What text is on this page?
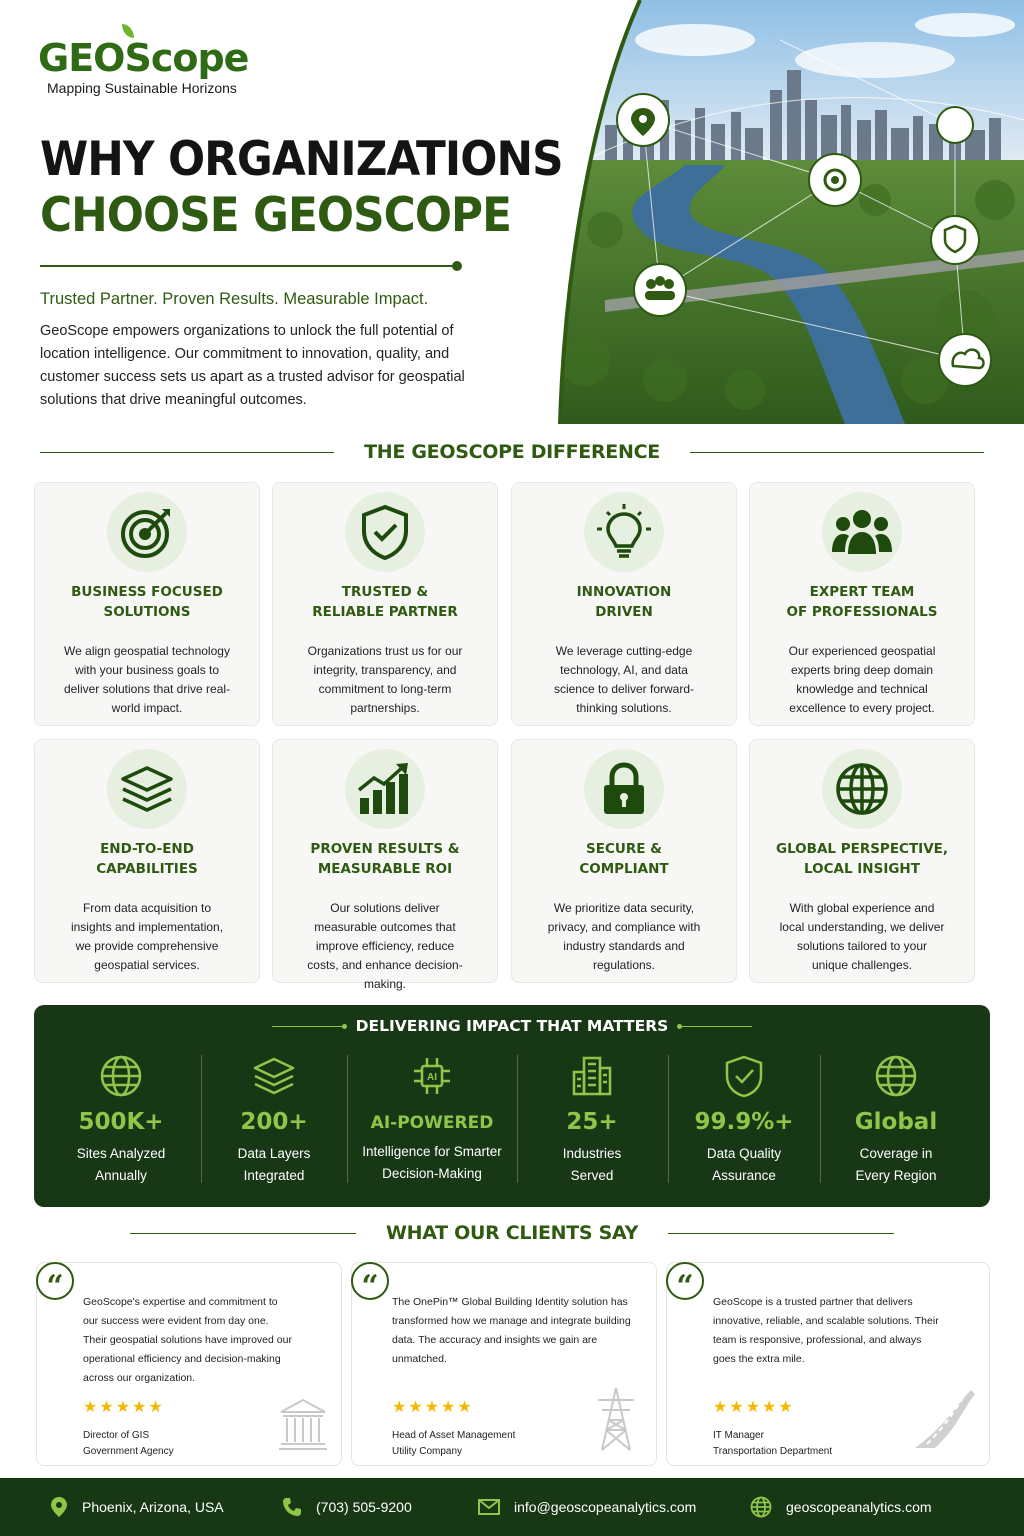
GEOScope
Mapping Sustainable Horizons
WHY ORGANIZATIONS
CHOOSE GEOSCOPE
Trusted Partner. Proven Results. Measurable Impact.
GeoScope empowers organizations to unlock the full potential of location intelligence. Our commitment to innovation, quality, and customer success sets us apart as a trusted advisor for geospatial solutions that drive meaningful outcomes.
THE GEOSCOPE DIFFERENCE
BUSINESS FOCUSED
SOLUTIONS
We align geospatial technology with your business goals to deliver solutions that drive real-world impact.
TRUSTED &
RELIABLE PARTNER
Organizations trust us for our integrity, transparency, and commitment to long-term partnerships.
INNOVATION
DRIVEN
We leverage cutting-edge technology, AI, and data science to deliver forward-thinking solutions.
EXPERT TEAM
OF PROFESSIONALS
Our experienced geospatial experts bring deep domain knowledge and technical excellence to every project.
END-TO-END
CAPABILITIES
From data acquisition to insights and implementation, we provide comprehensive geospatial services.
PROVEN RESULTS &
MEASURABLE ROI
Our solutions deliver measurable outcomes that improve efficiency, reduce costs, and enhance decision-making.
SECURE &
COMPLIANT
We prioritize data security, privacy, and compliance with industry standards and regulations.
GLOBAL PERSPECTIVE,
LOCAL INSIGHT
With global experience and local understanding, we deliver solutions tailored to your unique challenges.
DELIVERING IMPACT THAT MATTERS
500K+
Sites Analyzed
Annually
200+
Data Layers
Integrated
AI
AI-POWERED
Intelligence for Smarter
Decision-Making
25+
Industries
Served
99.9%+
Data Quality
Assurance
Global
Coverage in
Every Region
WHAT OUR CLIENTS SAY
“	GeoScope's expertise and commitment to our success were evident from day one. Their geospatial solutions have improved our operational efficiency and decision-making across our organization.
★★★★★
Director of GIS
Government Agency
“	The OnePin™ Global Building Identity solution has transformed how we manage and integrate building data. The accuracy and insights we gain are unmatched.
★★★★★
Head of Asset Management
Utility Company
“	GeoScope is a trusted partner that delivers innovative, reliable, and scalable solutions. Their team is responsive, professional, and always goes the extra mile.
★★★★★
IT Manager
Transportation Department
Phoenix, Arizona, USA	(703) 505-9200	info@geoscopeanalytics.com	geoscopeanalytics.com
